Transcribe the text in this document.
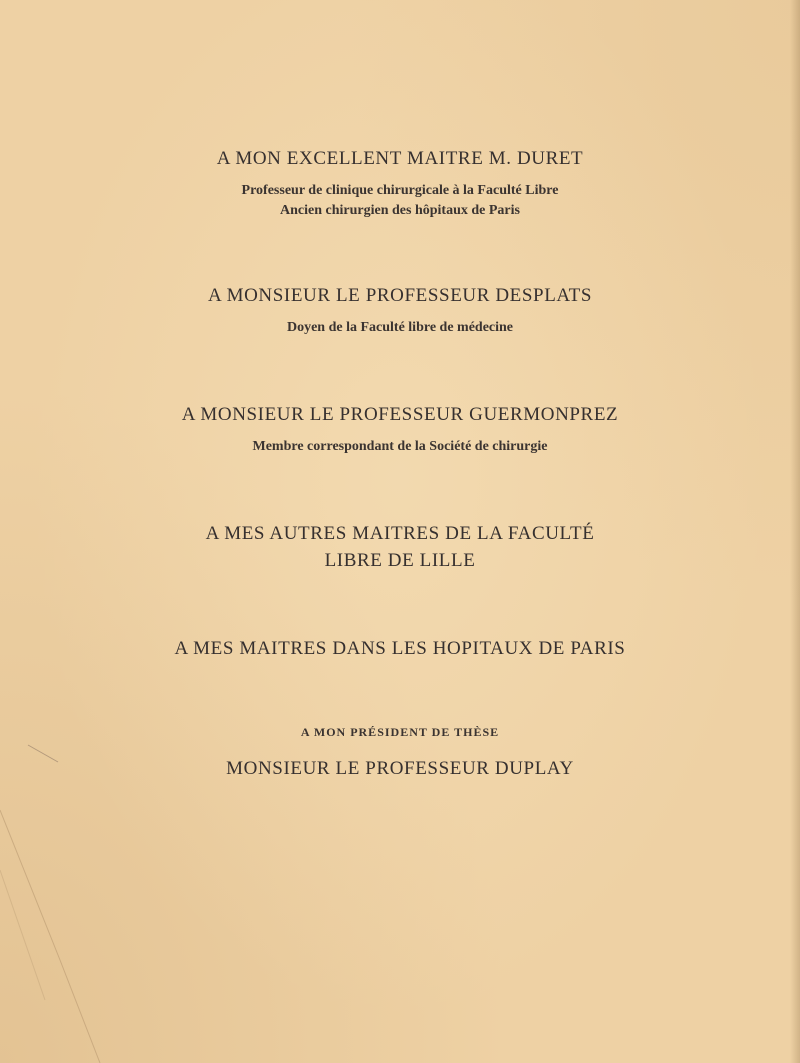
A MON EXCELLENT MAITRE M. DURET
Professeur de clinique chirurgicale à la Faculté Libre
Ancien chirurgien des hôpitaux de Paris
A MONSIEUR LE PROFESSEUR DESPLATS
Doyen de la Faculté libre de médecine
A MONSIEUR LE PROFESSEUR GUERMONPREZ
Membre correspondant de la Société de chirurgie
A MES AUTRES MAITRES DE LA FACULTÉ
LIBRE DE LILLE
A MES MAITRES DANS LES HOPITAUX DE PARIS
A MON PRÉSIDENT DE THÈSE
MONSIEUR LE PROFESSEUR DUPLAY
